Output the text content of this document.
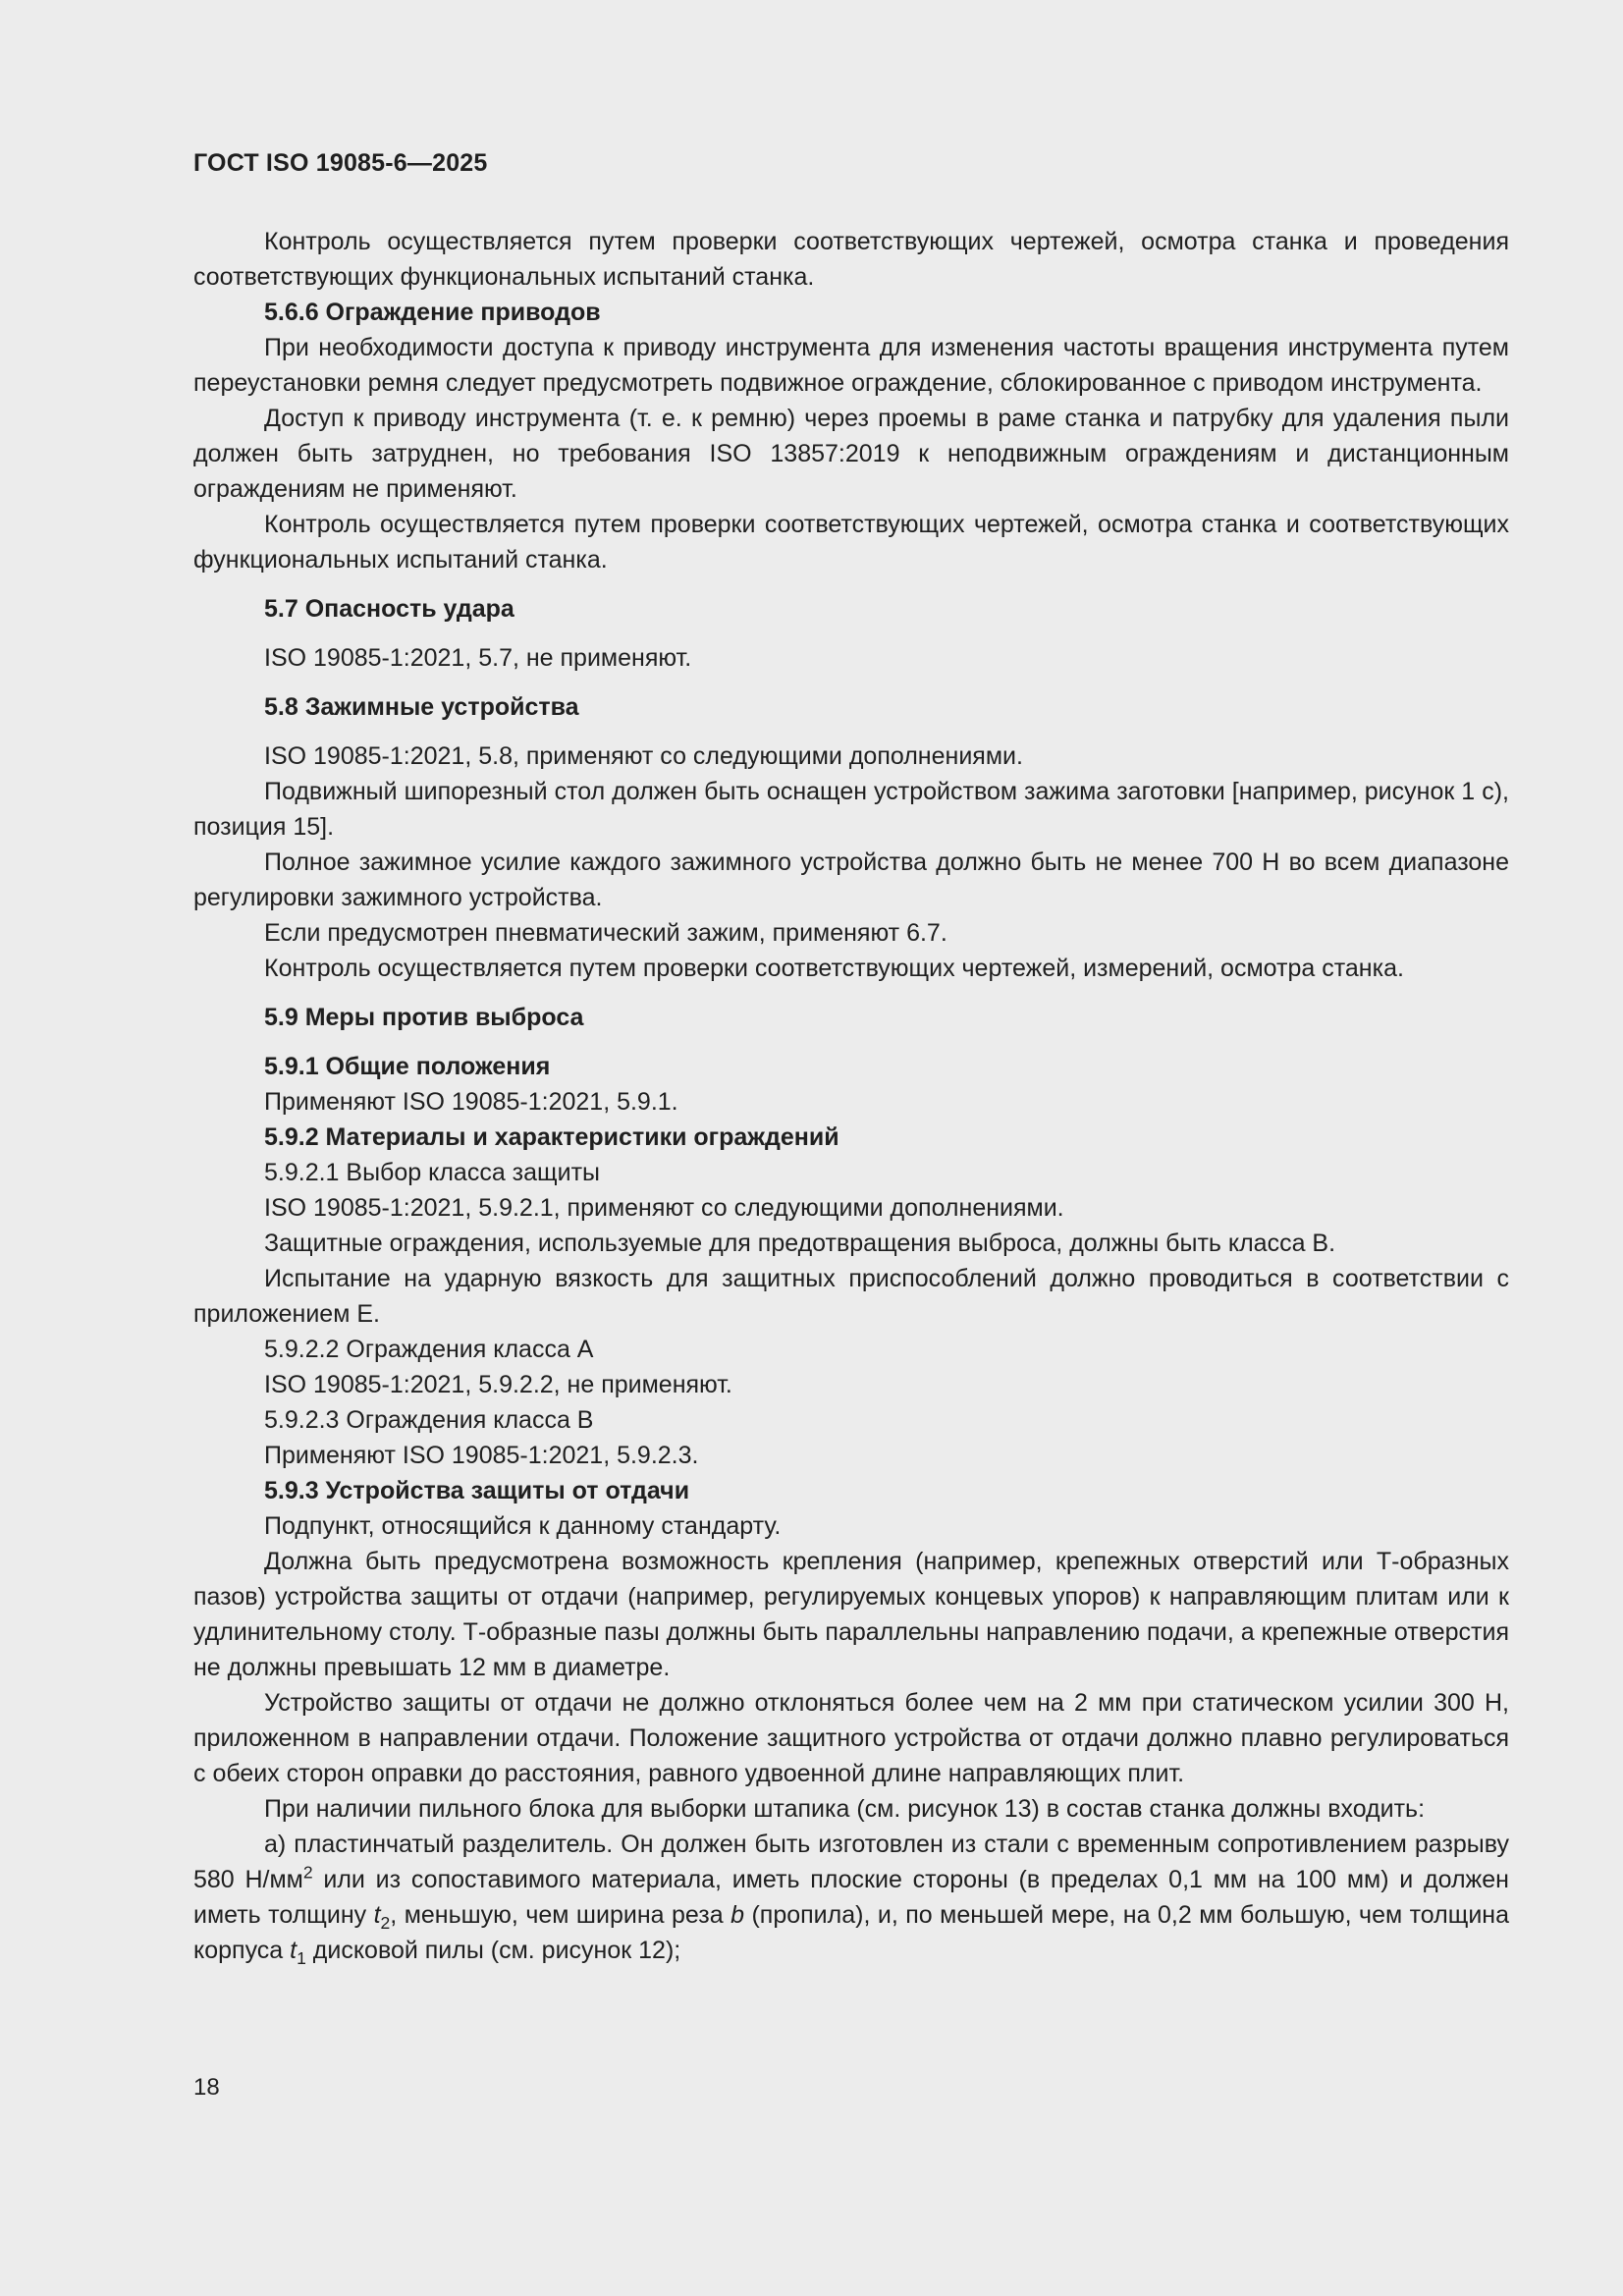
ГОСТ ISO 19085-6—2025

Контроль осуществляется путем проверки соответствующих чертежей, осмотра станка и проведения соответствующих функциональных испытаний станка.

5.6.6 Ограждение приводов

При необходимости доступа к приводу инструмента для изменения частоты вращения инструмента путем переустановки ремня следует предусмотреть подвижное ограждение, сблокированное с приводом инструмента.

Доступ к приводу инструмента (т. е. к ремню) через проемы в раме станка и патрубку для удаления пыли должен быть затруднен, но требования ISO 13857:2019 к неподвижным ограждениям и дистанционным ограждениям не применяют.

Контроль осуществляется путем проверки соответствующих чертежей, осмотра станка и соответствующих функциональных испытаний станка.

5.7 Опасность удара

ISO 19085-1:2021, 5.7, не применяют.

5.8 Зажимные устройства

ISO 19085-1:2021, 5.8, применяют со следующими дополнениями.

Подвижный шипорезный стол должен быть оснащен устройством зажима заготовки [например, рисунок 1 c), позиция 15].

Полное зажимное усилие каждого зажимного устройства должно быть не менее 700 Н во всем диапазоне регулировки зажимного устройства.

Если предусмотрен пневматический зажим, применяют 6.7.

Контроль осуществляется путем проверки соответствующих чертежей, измерений, осмотра станка.

5.9 Меры против выброса

5.9.1 Общие положения

Применяют ISO 19085-1:2021, 5.9.1.

5.9.2 Материалы и характеристики ограждений

5.9.2.1 Выбор класса защиты

ISO 19085-1:2021, 5.9.2.1, применяют со следующими дополнениями.

Защитные ограждения, используемые для предотвращения выброса, должны быть класса В.

Испытание на ударную вязкость для защитных приспособлений должно проводиться в соответствии с приложением Е.

5.9.2.2 Ограждения класса А

ISO 19085-1:2021, 5.9.2.2, не применяют.

5.9.2.3 Ограждения класса В

Применяют ISO 19085-1:2021, 5.9.2.3.

5.9.3 Устройства защиты от отдачи

Подпункт, относящийся к данному стандарту.

Должна быть предусмотрена возможность крепления (например, крепежных отверстий или Т-образных пазов) устройства защиты от отдачи (например, регулируемых концевых упоров) к направляющим плитам или к удлинительному столу. Т-образные пазы должны быть параллельны направлению подачи, а крепежные отверстия не должны превышать 12 мм в диаметре.

Устройство защиты от отдачи не должно отклоняться более чем на 2 мм при статическом усилии 300 Н, приложенном в направлении отдачи. Положение защитного устройства от отдачи должно плавно регулироваться с обеих сторон оправки до расстояния, равного удвоенной длине направляющих плит.

При наличии пильного блока для выборки штапика (см. рисунок 13) в состав станка должны входить:

а) пластинчатый разделитель. Он должен быть изготовлен из стали с временным сопротивлением разрыву 580 $Н/мм^2$ или из сопоставимого материала, иметь плоские стороны (в пределах 0,1 мм на 100 мм) и должен иметь толщину $t_2$, меньшую, чем ширина реза b (пропила), и, по меньшей мере, на 0,2 мм большую, чем толщина корпуса $t_1$ дисковой пилы (см. рисунок 12);

18
